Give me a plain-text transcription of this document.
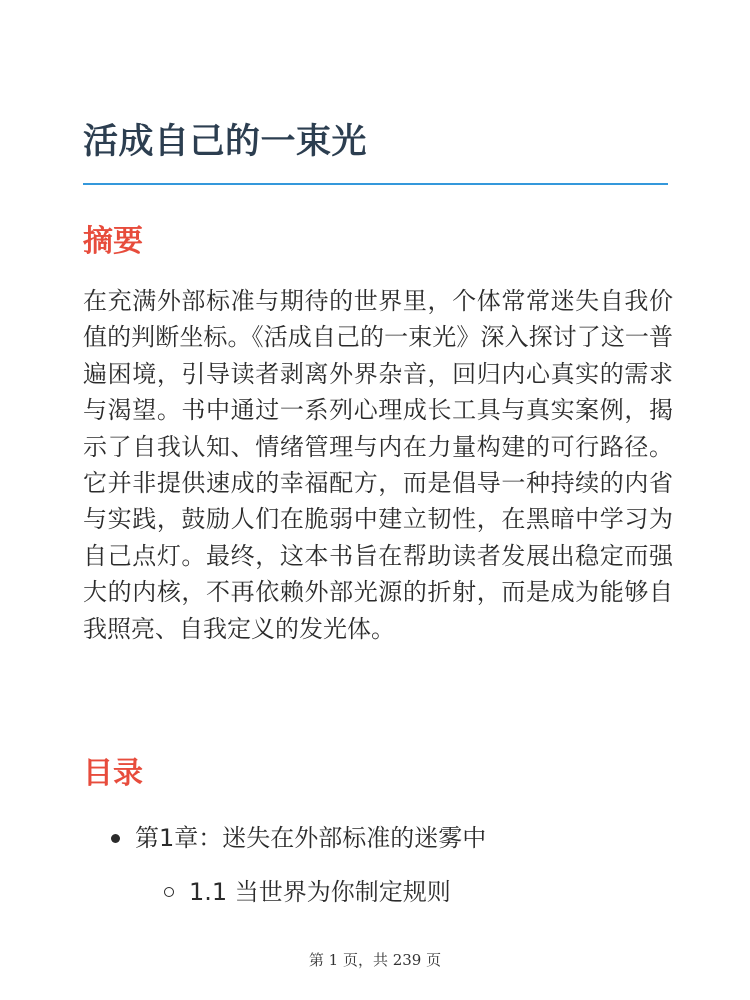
活成自己的一束光
摘要

在充满外部标准与期待的世界里，个体常常迷失自我价值的判断坐标。《活成自己的一束光》深入探讨了这一普遍困境，引导读者剥离外界杂音，回归内心真实的需求与渴望。书中通过一系列心理成长工具与真实案例，揭示了自我认知、情绪管理与内在力量构建的可行路径。它并非提供速成的幸福配方，而是倡导一种持续的内省与实践，鼓励人们在脆弱中建立韧性，在黑暗中学习为自己点灯。最终，这本书旨在帮助读者发展出稳定而强大的内核，不再依赖外部光源的折射，而是成为能够自我照亮、自我定义的发光体。

目录
第1章：迷失在外部标准的迷雾中
1.1 当世界为你制定规则
第 1 页，共 239 页
